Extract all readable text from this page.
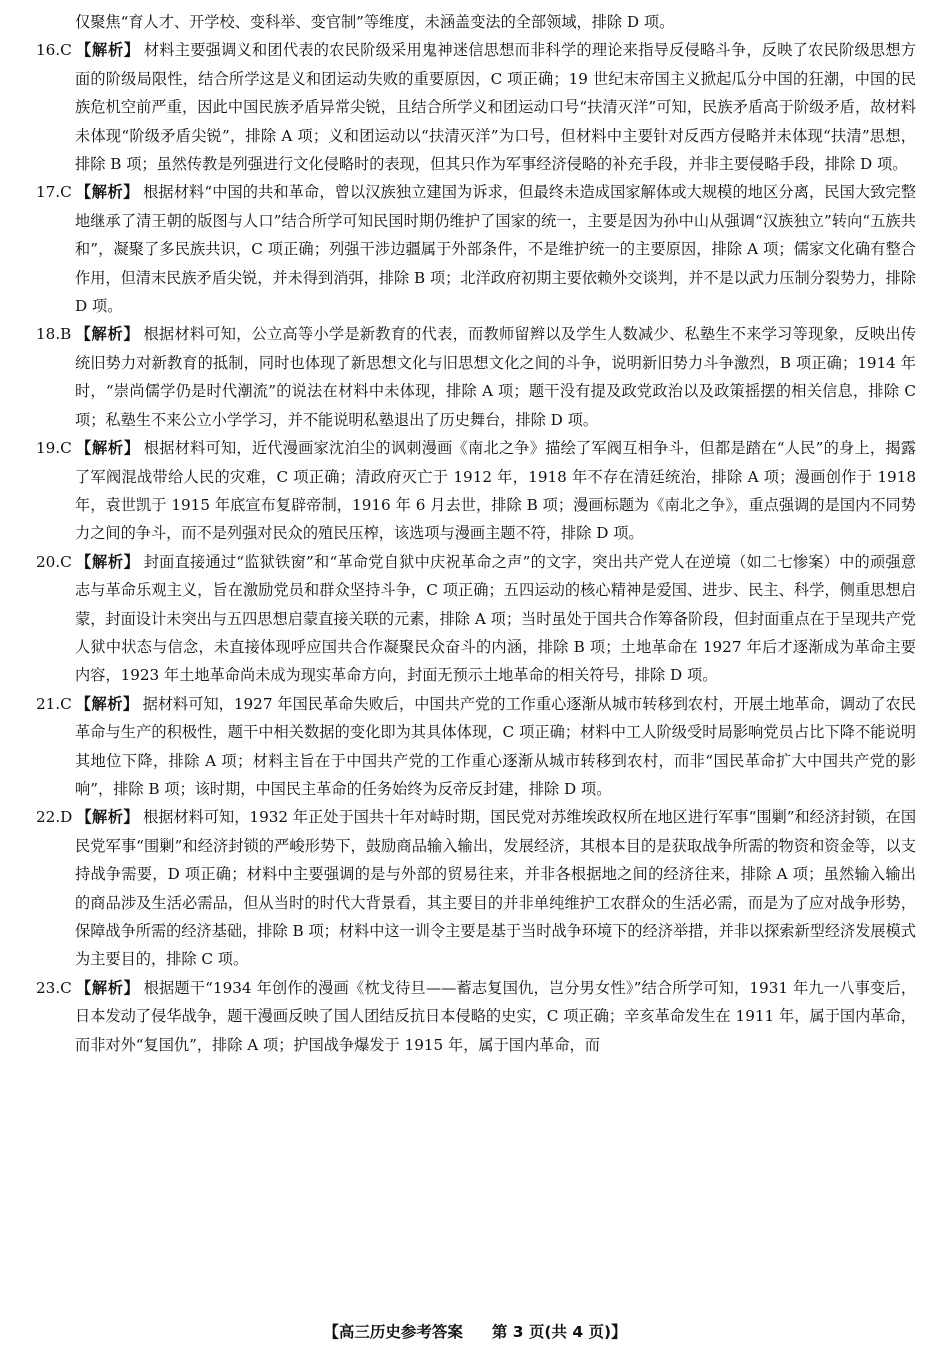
仅聚焦“育人才、开学校、变科举、变官制”等维度，未涵盖变法的全部领域，排除 D 项。

16.C 【解析】 材料主要强调义和团代表的农民阶级采用鬼神迷信思想而非科学的理论来指导反侵略斗争，反映了农民阶级思想方面的阶级局限性，结合所学这是义和团运动失败的重要原因，C 项正确；19 世纪末帝国主义掀起瓜分中国的狂潮，中国的民族危机空前严重，因此中国民族矛盾异常尖锐，且结合所学义和团运动口号“扶清灭洋”可知，民族矛盾高于阶级矛盾，故材料未体现“阶级矛盾尖锐”，排除 A 项；义和团运动以“扶清灭洋”为口号，但材料中主要针对反西方侵略并未体现“扶清”思想，排除 B 项；虽然传教是列强进行文化侵略时的表现，但其只作为军事经济侵略的补充手段，并非主要侵略手段，排除 D 项。

17.C 【解析】 根据材料“中国的共和革命，曾以汉族独立建国为诉求，但最终未造成国家解体或大规模的地区分离，民国大致完整地继承了清王朝的版图与人口”结合所学可知民国时期仍维护了国家的统一，主要是因为孙中山从强调“汉族独立”转向“五族共和”，凝聚了多民族共识，C 项正确；列强干涉边疆属于外部条件，不是维护统一的主要原因，排除 A 项；儒家文化确有整合作用，但清末民族矛盾尖锐，并未得到消弭，排除 B 项；北洋政府初期主要依赖外交谈判，并不是以武力压制分裂势力，排除 D 项。

18.B 【解析】 根据材料可知，公立高等小学是新教育的代表，而教师留辫以及学生人数减少、私塾生不来学习等现象，反映出传统旧势力对新教育的抵制，同时也体现了新思想文化与旧思想文化之间的斗争，说明新旧势力斗争激烈，B 项正确；1914 年时，“崇尚儒学仍是时代潮流”的说法在材料中未体现，排除 A 项；题干没有提及政党政治以及政策摇摆的相关信息，排除 C 项；私塾生不来公立小学学习，并不能说明私塾退出了历史舞台，排除 D 项。

19.C 【解析】 根据材料可知，近代漫画家沈泊尘的讽刺漫画《南北之争》描绘了军阀互相争斗，但都是踏在“人民”的身上，揭露了军阀混战带给人民的灾难，C 项正确；清政府灭亡于 1912 年，1918 年不存在清廷统治，排除 A 项；漫画创作于 1918 年，袁世凯于 1915 年底宣布复辟帝制，1916 年 6 月去世，排除 B 项；漫画标题为《南北之争》，重点强调的是国内不同势力之间的争斗，而不是列强对民众的殖民压榨，该选项与漫画主题不符，排除 D 项。

20.C 【解析】 封面直接通过“监狱铁窗”和“革命党自狱中庆祝革命之声”的文字，突出共产党人在逆境（如二七惨案）中的顽强意志与革命乐观主义，旨在激励党员和群众坚持斗争，C 项正确；五四运动的核心精神是爱国、进步、民主、科学，侧重思想启蒙，封面设计未突出与五四思想启蒙直接关联的元素，排除 A 项；当时虽处于国共合作筹备阶段，但封面重点在于呈现共产党人狱中状态与信念，未直接体现呼应国共合作凝聚民众奋斗的内涵，排除 B 项；土地革命在 1927 年后才逐渐成为革命主要内容，1923 年土地革命尚未成为现实革命方向，封面无预示土地革命的相关符号，排除 D 项。

21.C 【解析】 据材料可知，1927 年国民革命失败后，中国共产党的工作重心逐渐从城市转移到农村，开展土地革命，调动了农民革命与生产的积极性，题干中相关数据的变化即为其具体体现，C 项正确；材料中工人阶级受时局影响党员占比下降不能说明其地位下降，排除 A 项；材料主旨在于中国共产党的工作重心逐渐从城市转移到农村，而非“国民革命扩大中国共产党的影响”，排除 B 项；该时期，中国民主革命的任务始终为反帝反封建，排除 D 项。

22.D 【解析】 根据材料可知，1932 年正处于国共十年对峙时期，国民党对苏维埃政权所在地区进行军事“围剿”和经济封锁，在国民党军事“围剿”和经济封锁的严峻形势下，鼓励商品输入输出，发展经济，其根本目的是获取战争所需的物资和资金等，以支持战争需要，D 项正确；材料中主要强调的是与外部的贸易往来，并非各根据地之间的经济往来，排除 A 项；虽然输入输出的商品涉及生活必需品，但从当时的时代大背景看，其主要目的并非单纯维护工农群众的生活必需，而是为了应对战争形势，保障战争所需的经济基础，排除 B 项；材料中这一训令主要是基于当时战争环境下的经济举措，并非以探索新型经济发展模式为主要目的，排除 C 项。

23.C 【解析】 根据题干“1934 年创作的漫画《枕戈待旦——蓄志复国仇，岂分男女性》”结合所学可知，1931 年九一八事变后，日本发动了侵华战争，题干漫画反映了国人团结反抗日本侵略的史实，C 项正确；辛亥革命发生在 1911 年，属于国内革命，而非对外“复国仇”，排除 A 项；护国战争爆发于 1915 年，属于国内革命，而

【高三历史参考答案 第 3 页(共 4 页)】
